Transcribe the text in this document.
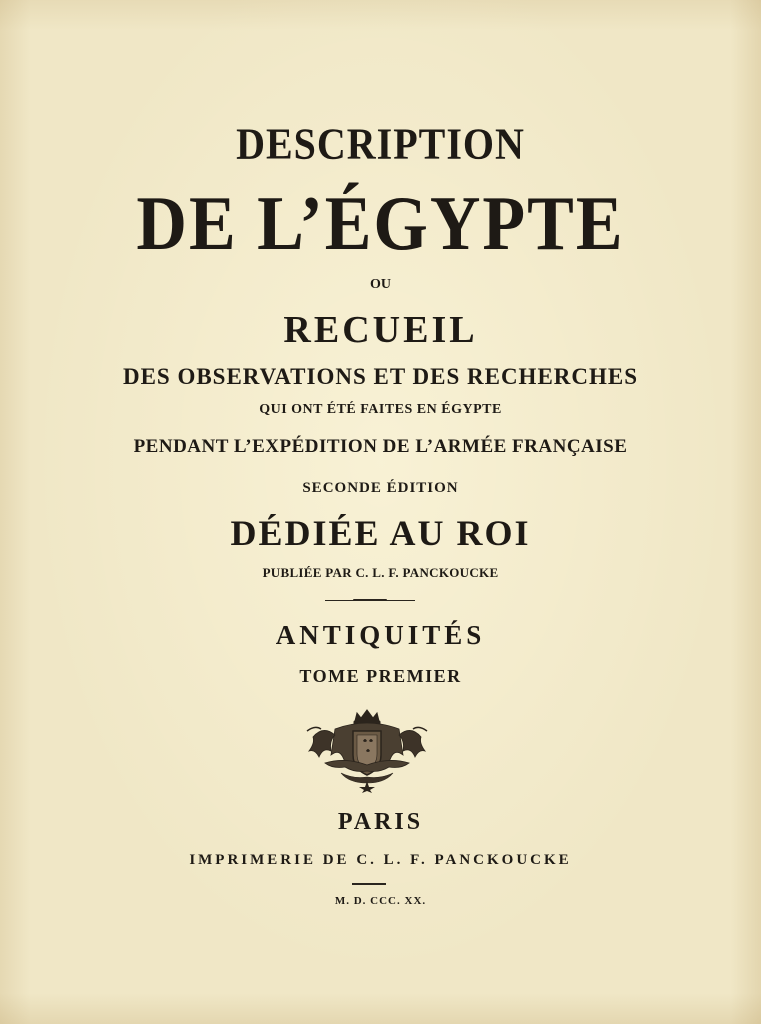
DESCRIPTION
DE L’ÉGYPTE
OU
RECUEIL
DES OBSERVATIONS ET DES RECHERCHES
QUI ONT ÉTÉ FAITES EN ÉGYPTE
PENDANT L’EXPÉDITION DE L’ARMÉE FRANÇAISE
SECONDE ÉDITION
DÉDIÉE AU ROI
PUBLIÉE PAR C. L. F. PANCKOUCKE
ANTIQUITÉS
TOME PREMIER
PARIS
IMPRIMERIE DE C. L. F. PANCKOUCKE
M. D. CCC. XX.
